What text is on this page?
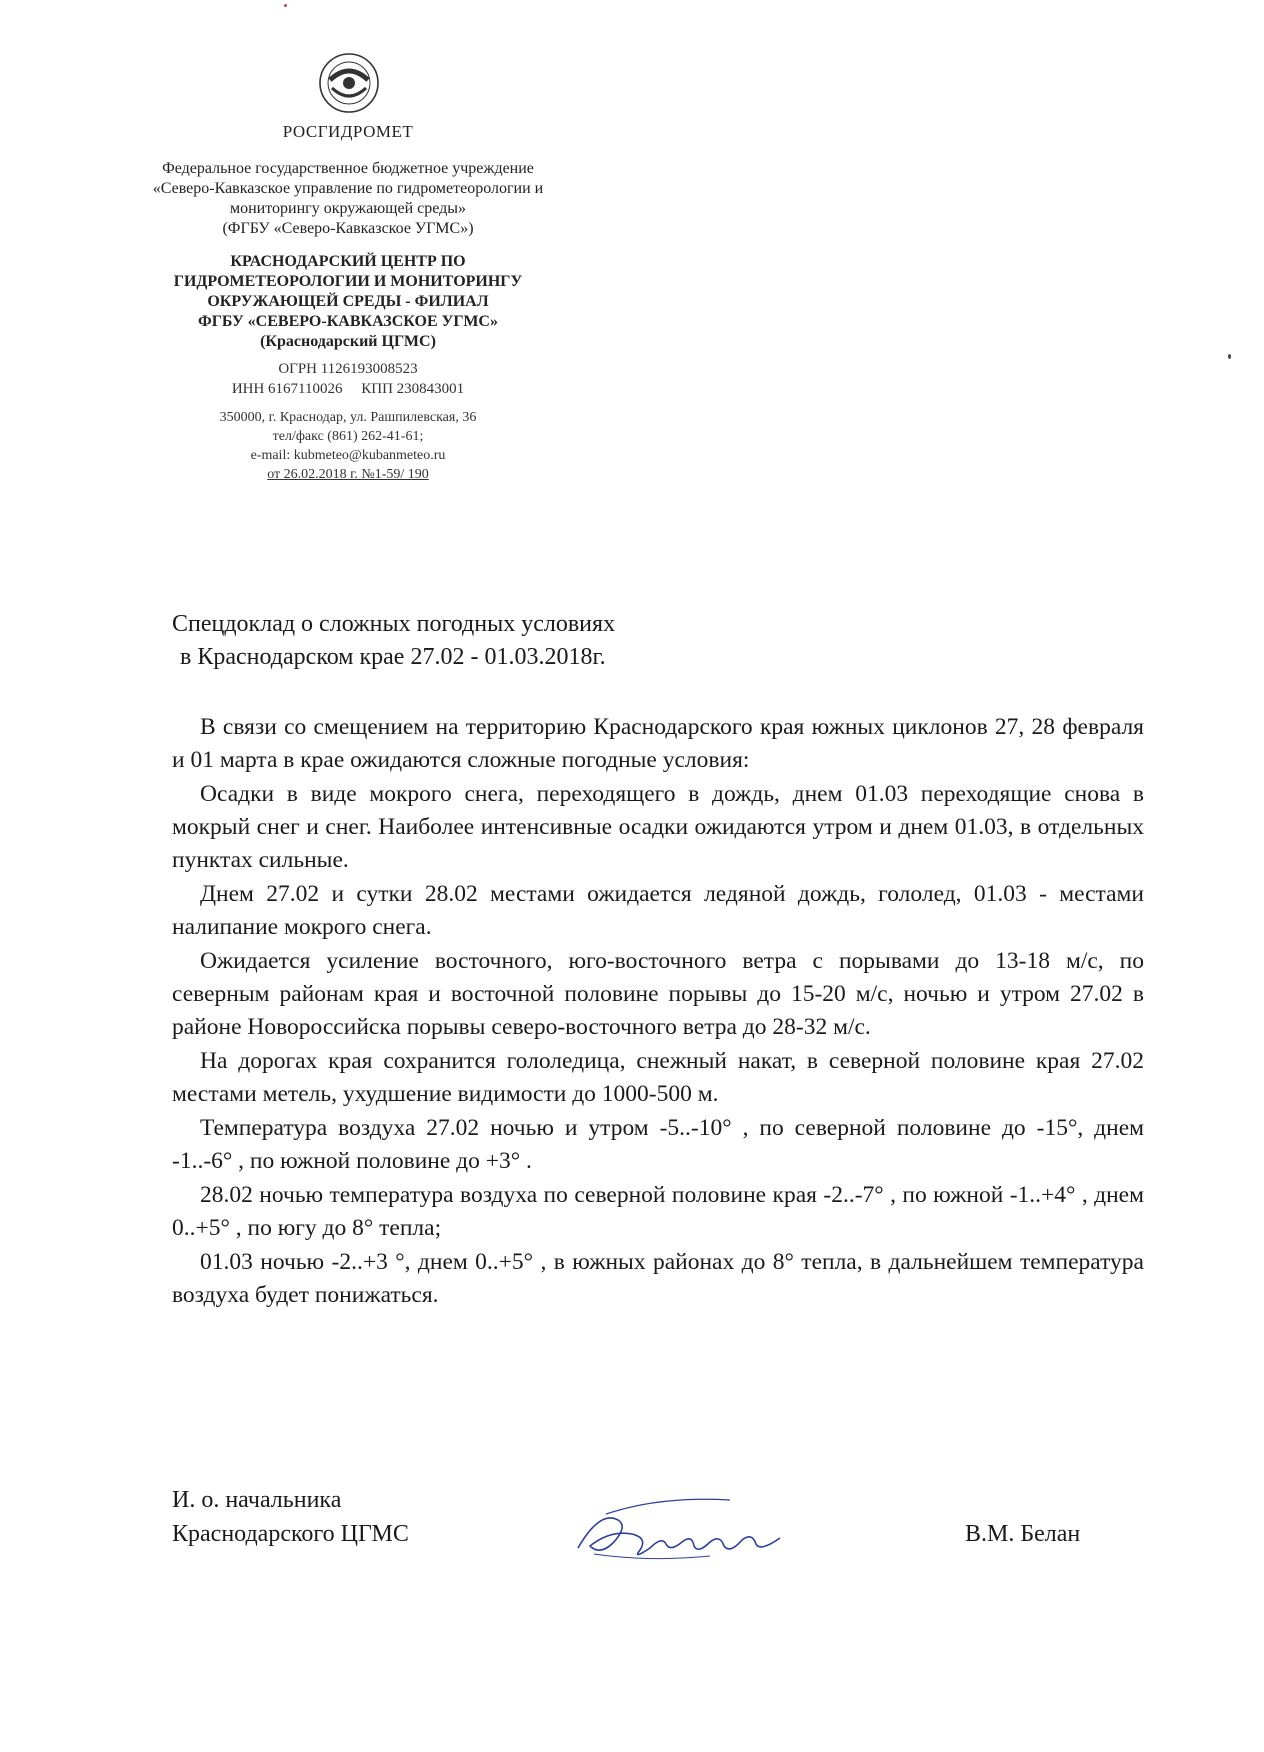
РОСГИДРОМЕТ
Федеральное государственное бюджетное учреждение
«Северо-Кавказское управление по гидрометеорологии и
мониторингу окружающей среды»
(ФГБУ «Северо-Кавказское УГМС»)
КРАСНОДАРСКИЙ ЦЕНТР ПО
ГИДРОМЕТЕОРОЛОГИИ И МОНИТОРИНГУ
ОКРУЖАЮЩЕЙ СРЕДЫ - ФИЛИАЛ
ФГБУ «СЕВЕРО-КАВКАЗСКОЕ УГМС»
(Краснодарский ЦГМС)
ОГРН 1126193008523
ИНН 6167110026     КПП 230843001
350000, г. Краснодар, ул. Рашпилевская, 36
тел/факс (861) 262-41-61;
e-mail: kubmeteo@kubanmeteo.ru
от 26.02.2018 г. №1-59/ 190
Спецдоклад о сложных погодных условиях
в Краснодарском крае 27.02 - 01.03.2018г.

В связи со смещением на территорию Краснодарского края южных циклонов 27, 28 февраля и 01 марта в крае ожидаются сложные погодные условия:

Осадки в виде мокрого снега, переходящего в дождь, днем 01.03 переходящие снова в мокрый снег и снег. Наиболее интенсивные осадки ожидаются утром и днем 01.03, в отдельных пунктах сильные.

Днем 27.02 и сутки 28.02 местами ожидается ледяной дождь, гололед, 01.03 - местами налипание мокрого снега.

Ожидается усиление восточного, юго-восточного ветра с порывами до 13-18 м/с, по северным районам края и восточной половине порывы до 15-20 м/с, ночью и утром 27.02 в районе Новороссийска порывы северо-восточного ветра до 28-32 м/с.

На дорогах края сохранится гололедица, снежный накат, в северной половине края 27.02 местами метель, ухудшение видимости до 1000-500 м.

Температура воздуха 27.02 ночью и утром -5..-10° , по северной половине до -15°, днем -1..-6° , по южной половине до +3° .

28.02 ночью температура воздуха по северной половине края -2..-7° , по южной -1..+4° , днем 0..+5° , по югу до 8° тепла;

01.03 ночью -2..+3 °, днем 0..+5° , в южных районах до 8° тепла, в дальнейшем температура воздуха будет понижаться.

И. о. начальника
Краснодарского ЦГМС	В.М. Белан
